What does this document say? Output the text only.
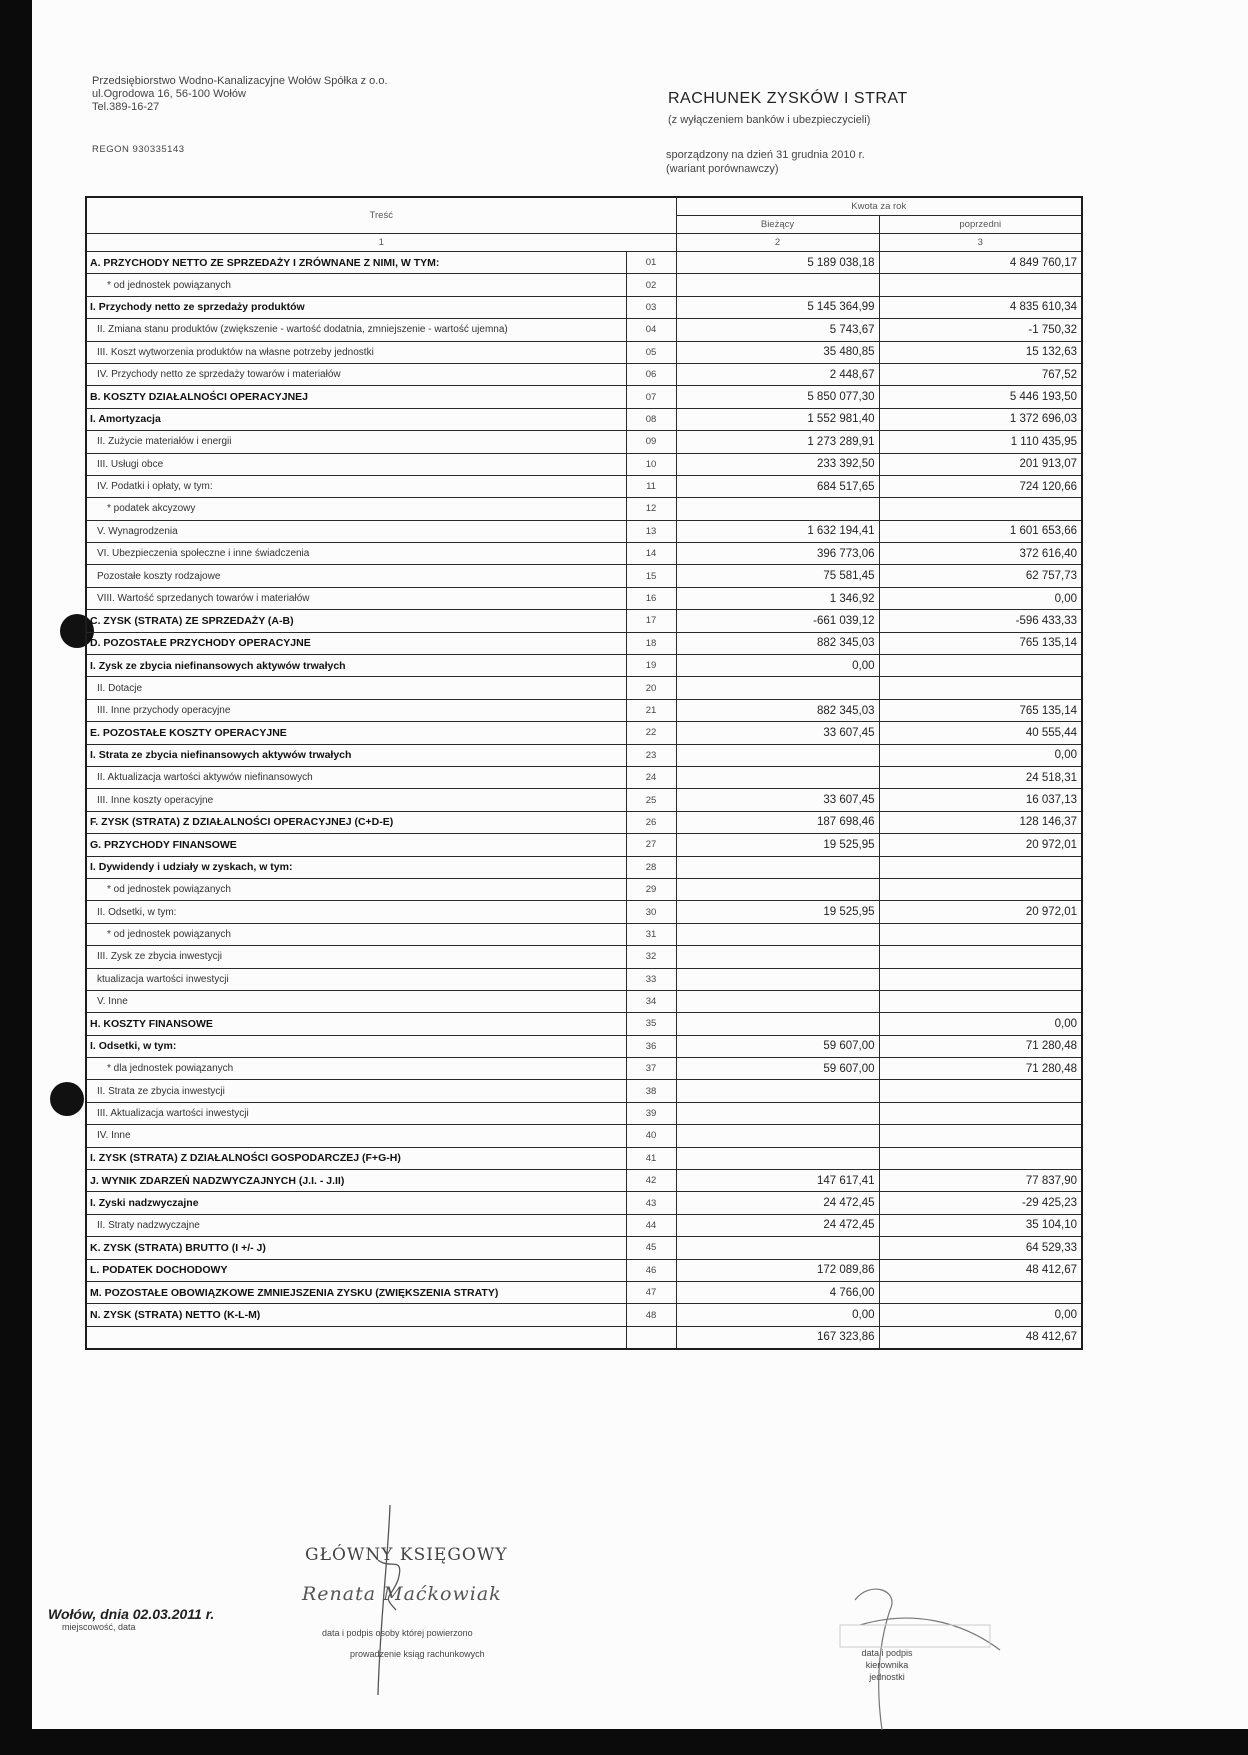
Przedsiębiorstwo Wodno-Kanalizacyjne Wołów Spółka z o.o.
ul.Ogrodowa 16, 56-100 Wołów
Tel.389-16-27
REGON 930335143
RACHUNEK ZYSKÓW I STRAT
(z wyłączeniem banków i ubezpieczycieli)
sporządzony na dzień 31 grudnia 2010 r.
(wariant porównawczy)
Treść		Kwota za rok	
		Bieżący	poprzedni
1		2	3
A. PRZYCHODY NETTO ZE SPRZEDAŻY I ZRÓWNANE Z NIMI, W TYM:	01	5 189 038,18	4 849 760,17
* od jednostek powiązanych	02		
I. Przychody netto ze sprzedaży produktów	03	5 145 364,99	4 835 610,34
II. Zmiana stanu produktów (zwiększenie - wartość dodatnia, zmniejszenie - wartość ujemna)	04	5 743,67	-1 750,32
III. Koszt wytworzenia produktów na własne potrzeby jednostki	05	35 480,85	15 132,63
IV. Przychody netto ze sprzedaży towarów i materiałów	06	2 448,67	767,52
B. KOSZTY DZIAŁALNOŚCI OPERACYJNEJ	07	5 850 077,30	5 446 193,50
I. Amortyzacja	08	1 552 981,40	1 372 696,03
II. Zużycie materiałów i energii	09	1 273 289,91	1 110 435,95
III. Usługi obce	10	233 392,50	201 913,07
IV. Podatki i opłaty, w tym:	11	684 517,65	724 120,66
* podatek akcyzowy	12		
V. Wynagrodzenia	13	1 632 194,41	1 601 653,66
VI. Ubezpieczenia społeczne i inne świadczenia	14	396 773,06	372 616,40
Pozostałe koszty rodzajowe	15	75 581,45	62 757,73
VIII. Wartość sprzedanych towarów i materiałów	16	1 346,92	0,00
C. ZYSK (STRATA) ZE SPRZEDAŻY (A-B)	17	-661 039,12	-596 433,33
D. POZOSTAŁE PRZYCHODY OPERACYJNE	18	882 345,03	765 135,14
I. Zysk ze zbycia niefinansowych aktywów trwałych	19	0,00	
II. Dotacje	20		
III. Inne przychody operacyjne	21	882 345,03	765 135,14
E. POZOSTAŁE KOSZTY OPERACYJNE	22	33 607,45	40 555,44
I. Strata ze zbycia niefinansowych aktywów trwałych	23		0,00
II. Aktualizacja wartości aktywów niefinansowych	24		24 518,31
III. Inne koszty operacyjne	25	33 607,45	16 037,13
F. ZYSK (STRATA) Z DZIAŁALNOŚCI OPERACYJNEJ (C+D-E)	26	187 698,46	128 146,37
G. PRZYCHODY FINANSOWE	27	19 525,95	20 972,01
I. Dywidendy i udziały w zyskach, w tym:	28		
* od jednostek powiązanych	29		
II. Odsetki, w tym:	30	19 525,95	20 972,01
* od jednostek powiązanych	31		
III. Zysk ze zbycia inwestycji	32		
ktualizacja wartości inwestycji	33		
V. Inne	34		
H. KOSZTY FINANSOWE	35		0,00
I. Odsetki, w tym:	36	59 607,00	71 280,48
* dla jednostek powiązanych	37	59 607,00	71 280,48
II. Strata ze zbycia inwestycji	38		
III. Aktualizacja wartości inwestycji	39		
IV. Inne	40		
I. ZYSK (STRATA) Z DZIAŁALNOŚCI GOSPODARCZEJ (F+G-H)	41		
J. WYNIK ZDARZEŃ NADZWYCZAJNYCH (J.I. - J.II)	42	147 617,41	77 837,90
I. Zyski nadzwyczajne	43	24 472,45	-29 425,23
II. Straty nadzwyczajne	44	24 472,45	35 104,10
K. ZYSK (STRATA) BRUTTO (I +/- J)	45		64 529,33
L. PODATEK DOCHODOWY	46	172 089,86	48 412,67
M. POZOSTAŁE OBOWIĄZKOWE ZMNIEJSZENIA ZYSKU (ZWIĘKSZENIA STRATY)	47	4 766,00	
N. ZYSK (STRATA) NETTO (K-L-M)	48	0,00	0,00
		167 323,86	48 412,67
GŁÓWNY KSIĘGOWY
Renata Maćkowiak
data i podpis osoby której powierzono
prowadzenie ksiąg rachunkowych
Wołów, dnia 02.03.2011 r.
miejscowość, data
data i podpis kierownika
jednostki
